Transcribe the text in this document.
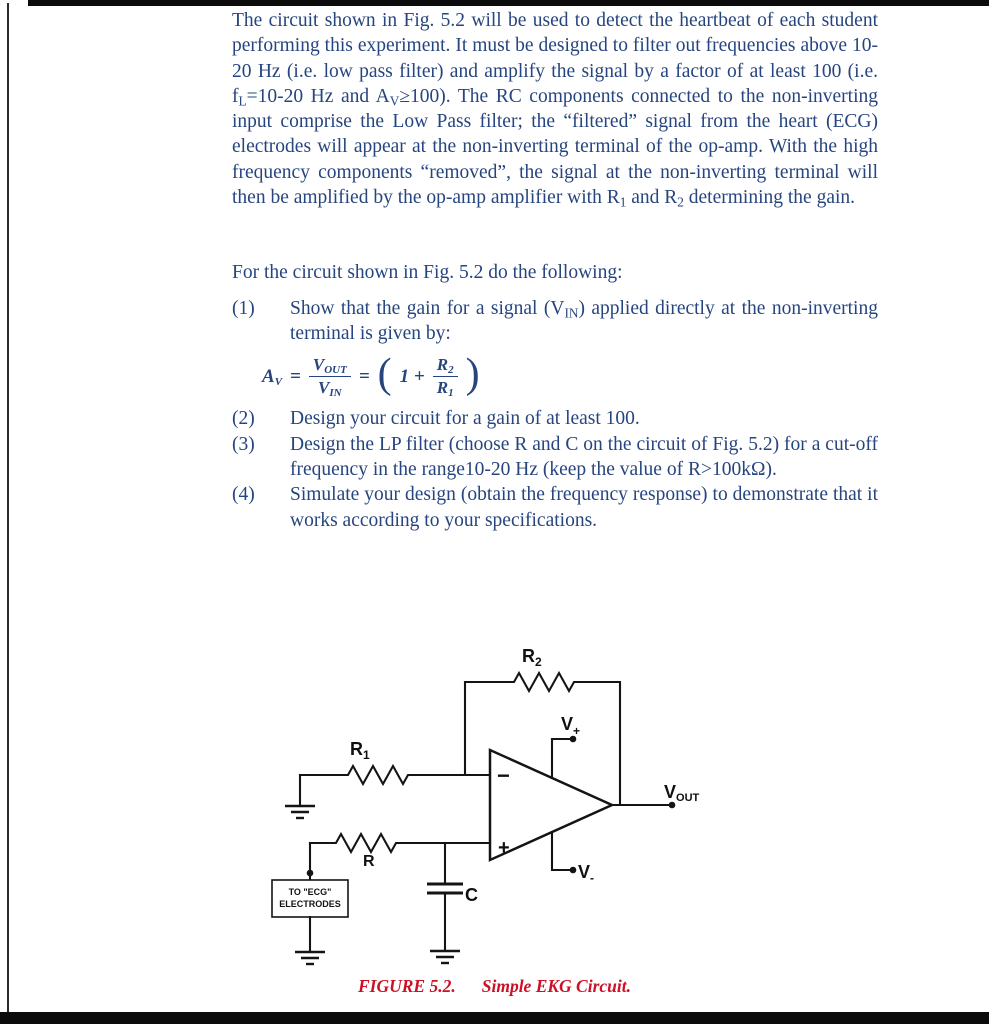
The circuit shown in Fig. 5.2 will be used to detect the heartbeat of each student performing this experiment. It must be designed to filter out frequencies above 10-20 Hz (i.e. low pass filter) and amplify the signal by a factor of at least 100 (i.e. $f_L=10-20$ Hz and $A_V\ge 100$). The RC components connected to the non-inverting input comprise the Low Pass filter; the “filtered” signal from the heart (ECG) electrodes will appear at the non-inverting terminal of the op-amp. With the high frequency components “removed”, the signal at the non-inverting terminal will then be amplified by the op-amp amplifier with $R_1$ and $R_2$ determining the gain.

For the circuit shown in Fig. 5.2 do the following:

(1)	Show that the gain for a signal $(V_{IN})$ applied directly at the non-inverting terminal is given by:
$A_V = \frac{V_{OUT}}{V_{IN}}$ = ( $1 + \frac{R_2}{R_1}$ )
(2)	Design your circuit for a gain of at least 100.
(3)	Design the LP filter (choose R and C on the circuit of Fig. 5.2) for a cut-off frequency in the range10-20 Hz (keep the value of R>100kΩ).
(4)	Simulate your design (obtain the frequency response) to demonstrate that it works according to your specifications.
TO "ECG"
ELECTRODES
−
+
$R_2$
$R_1$
R
C
$V_+$
$V_-$
VOUT
FIGURE 5.2. Simple EKG Circuit.
